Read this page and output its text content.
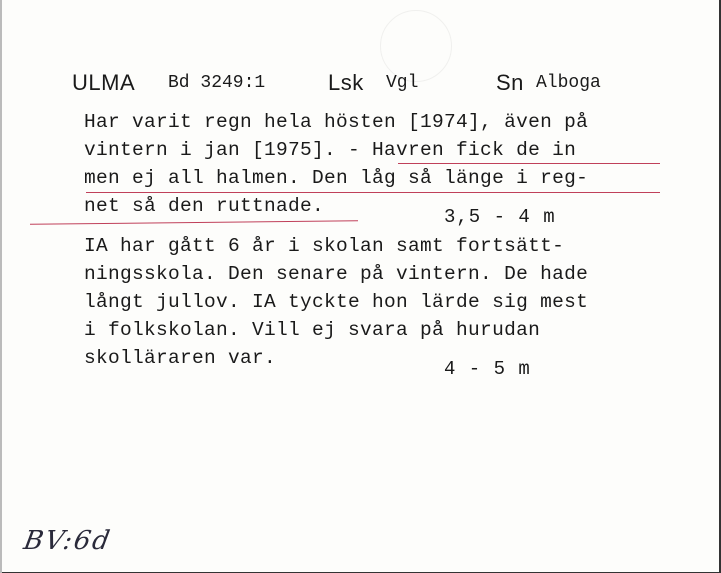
ULMA Bd 3249:1	Lsk Vgl	Sn Alboga
Har varit regn hela hösten [1974], även på
vintern i jan [1975]. - Havren fick de in
men ej all halmen. Den låg så länge i reg-
net så den ruttnade.	3,5 - 4 m
IA har gått 6 år i skolan samt fortsätt-
ningsskola. Den senare på vintern. De hade
långt jullov. IA tyckte hon lärde sig mest
i folkskolan. Vill ej svara på hurudan
skolläraren var.	4 - 5 m
BV:6d
